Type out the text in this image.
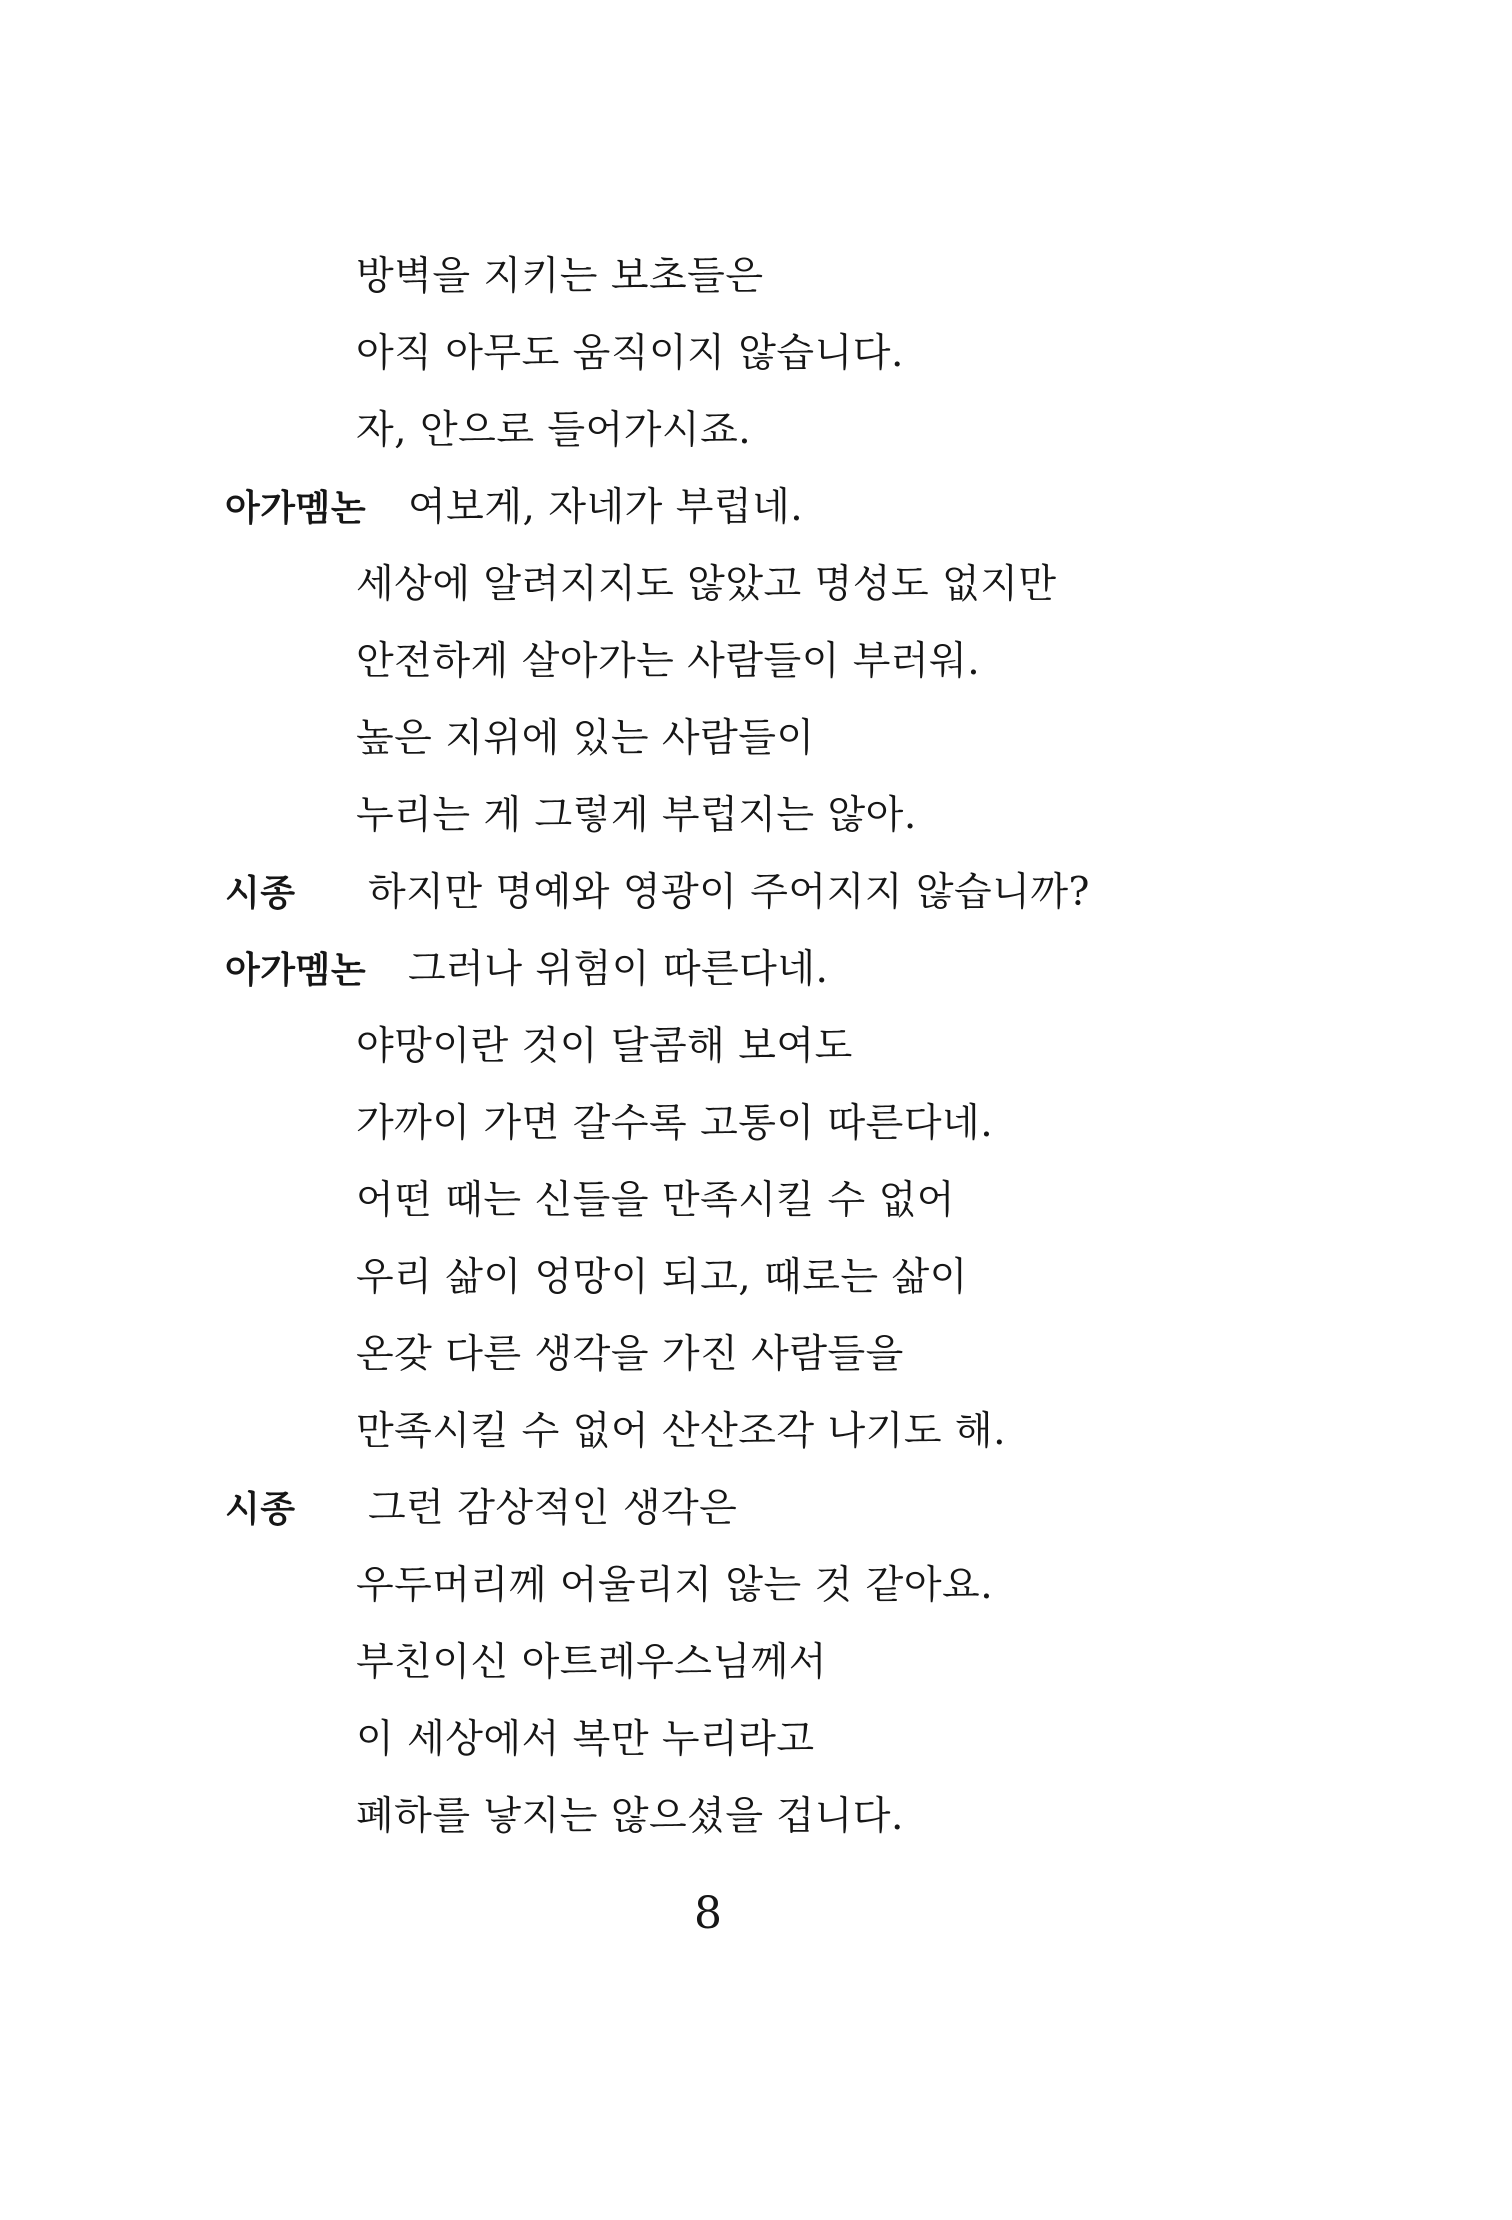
방벽을 지키는 보초들은
아직 아무도 움직이지 않습니다.
자, 안으로 들어가시죠.
아가멤논 여보게, 자네가 부럽네.
세상에 알려지지도 않았고 명성도 없지만
안전하게 살아가는 사람들이 부러워.
높은 지위에 있는 사람들이
누리는 게 그렇게 부럽지는 않아.
시종 하지만 명예와 영광이 주어지지 않습니까?
아가멤논 그러나 위험이 따른다네.
야망이란 것이 달콤해 보여도
가까이 가면 갈수록 고통이 따른다네.
어떤 때는 신들을 만족시킬 수 없어
우리 삶이 엉망이 되고, 때로는 삶이
온갖 다른 생각을 가진 사람들을
만족시킬 수 없어 산산조각 나기도 해.
시종 그런 감상적인 생각은
우두머리께 어울리지 않는 것 같아요.
부친이신 아트레우스님께서
이 세상에서 복만 누리라고
폐하를 낳지는 않으셨을 겁니다.
8
